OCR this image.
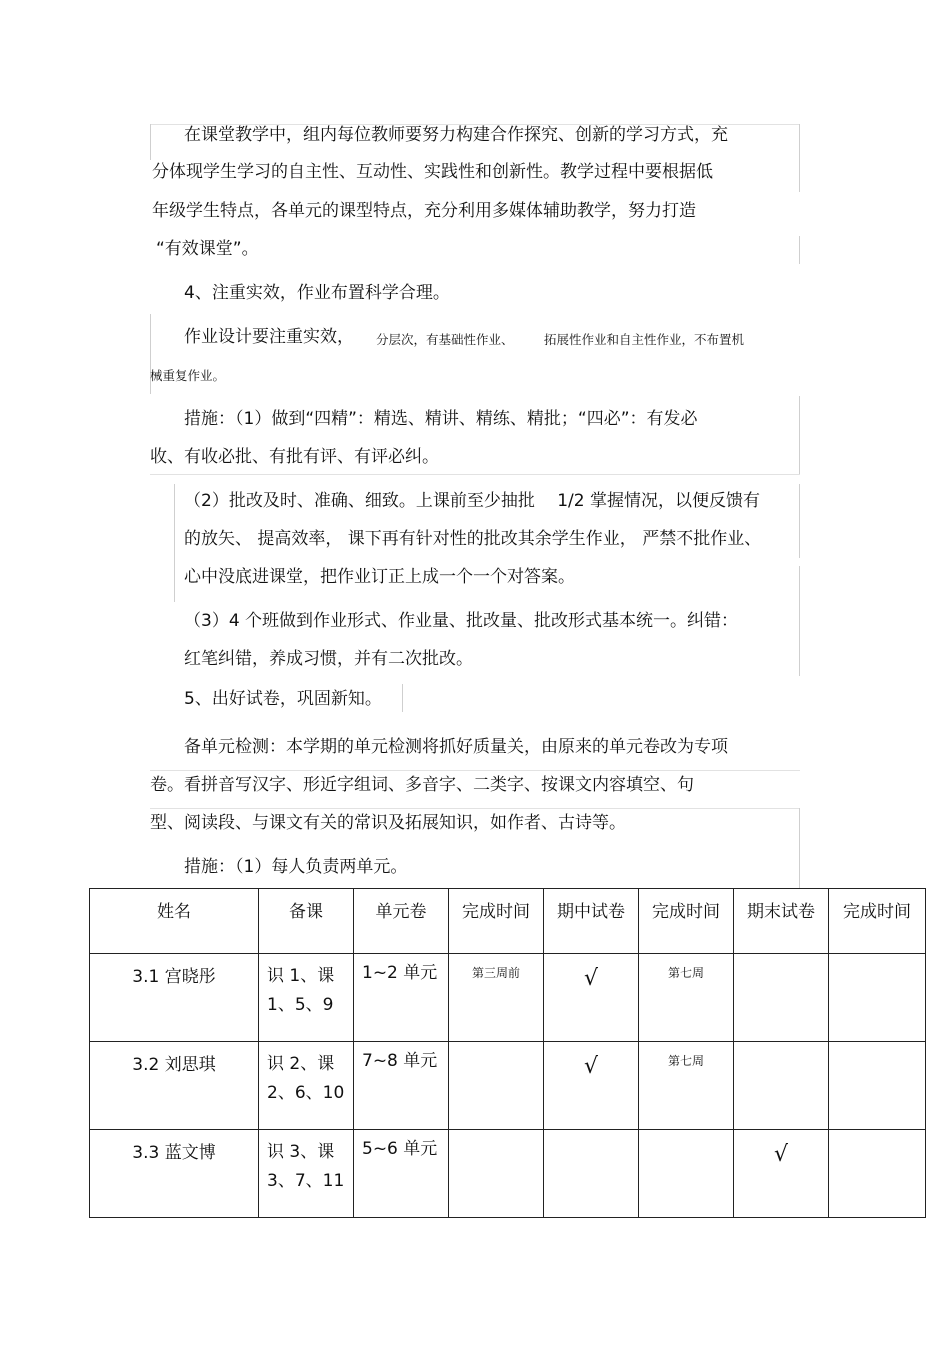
在课堂教学中，组内每位教师要努力构建合作探究、创新的学习方式，充
分体现学生学习的自主性、互动性、实践性和创新性。教学过程中要根据低
年级学生特点，各单元的课型特点，充分利用多媒体辅助教学，努力打造
“有效课堂”。
4、注重实效，作业布置科学合理。
作业设计要注重实效， 分层次，有基础性作业、 拓展性作业和自主性作业，不布置机
械重复作业。
措施：（1）做到“四精”：精选、精讲、精练、精批；“四必”：有发必
收、有收必批、有批有评、有评必纠。
（2）批改及时、准确、细致。上课前至少抽批　 1/2 掌握情况，以便反馈有
的放矢、 提高效率， 课下再有针对性的批改其余学生作业， 严禁不批作业、
心中没底进课堂，把作业订正上成一个一个对答案。
（3）4 个班做到作业形式、作业量、批改量、批改形式基本统一。纠错：
红笔纠错，养成习惯，并有二次批改。
5、出好试卷，巩固新知。
备单元检测：本学期的单元检测将抓好质量关，由原来的单元卷改为专项
卷。看拼音写汉字、形近字组词、多音字、二类字、按课文内容填空、句
型、阅读段、与课文有关的常识及拓展知识，如作者、古诗等。
措施：（1）每人负责两单元。
姓名	备课	单元卷	完成时间	期中试卷	完成时间	期末试卷	完成时间
3.1 宫晓彤	识 1、课
1、5、9	1~2 单元	第三周前	√	第七周		

3.2 刘思琪	识 2、课
2、6、10	7~8 单元		√	第七周		

3.3 蓝文博	识 3、课
3、7、11	5~6 单元				√	
